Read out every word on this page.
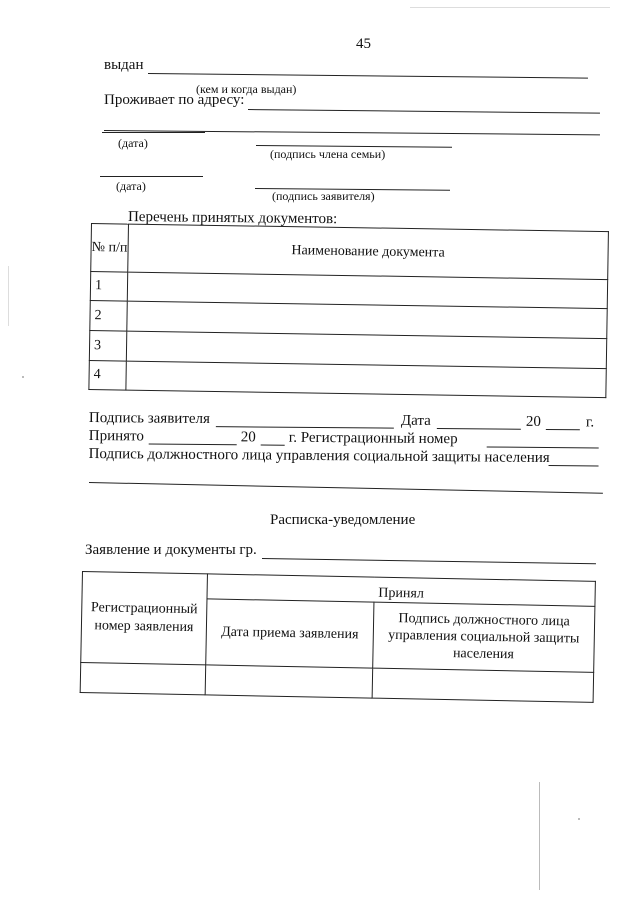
45
выдан
(кем и когда выдан)
Проживает по адресу:
(дата)
(подпись члена семьи)
(дата)
(подпись заявителя)
Перечень принятых документов:
№ п/п	Наименование документа
1	
2	
3	
4	
Подпись заявителя	Дата	20	г.
Принято	20 г. Регистрационный номер
Подпись должностного лица управления социальной защиты населения
Расписка-уведомление
Заявление и документы гр.
Регистрационный номер заявления	Принял	
	Дата приема заявления	Подпись должностного лица управления социальной защиты населения
